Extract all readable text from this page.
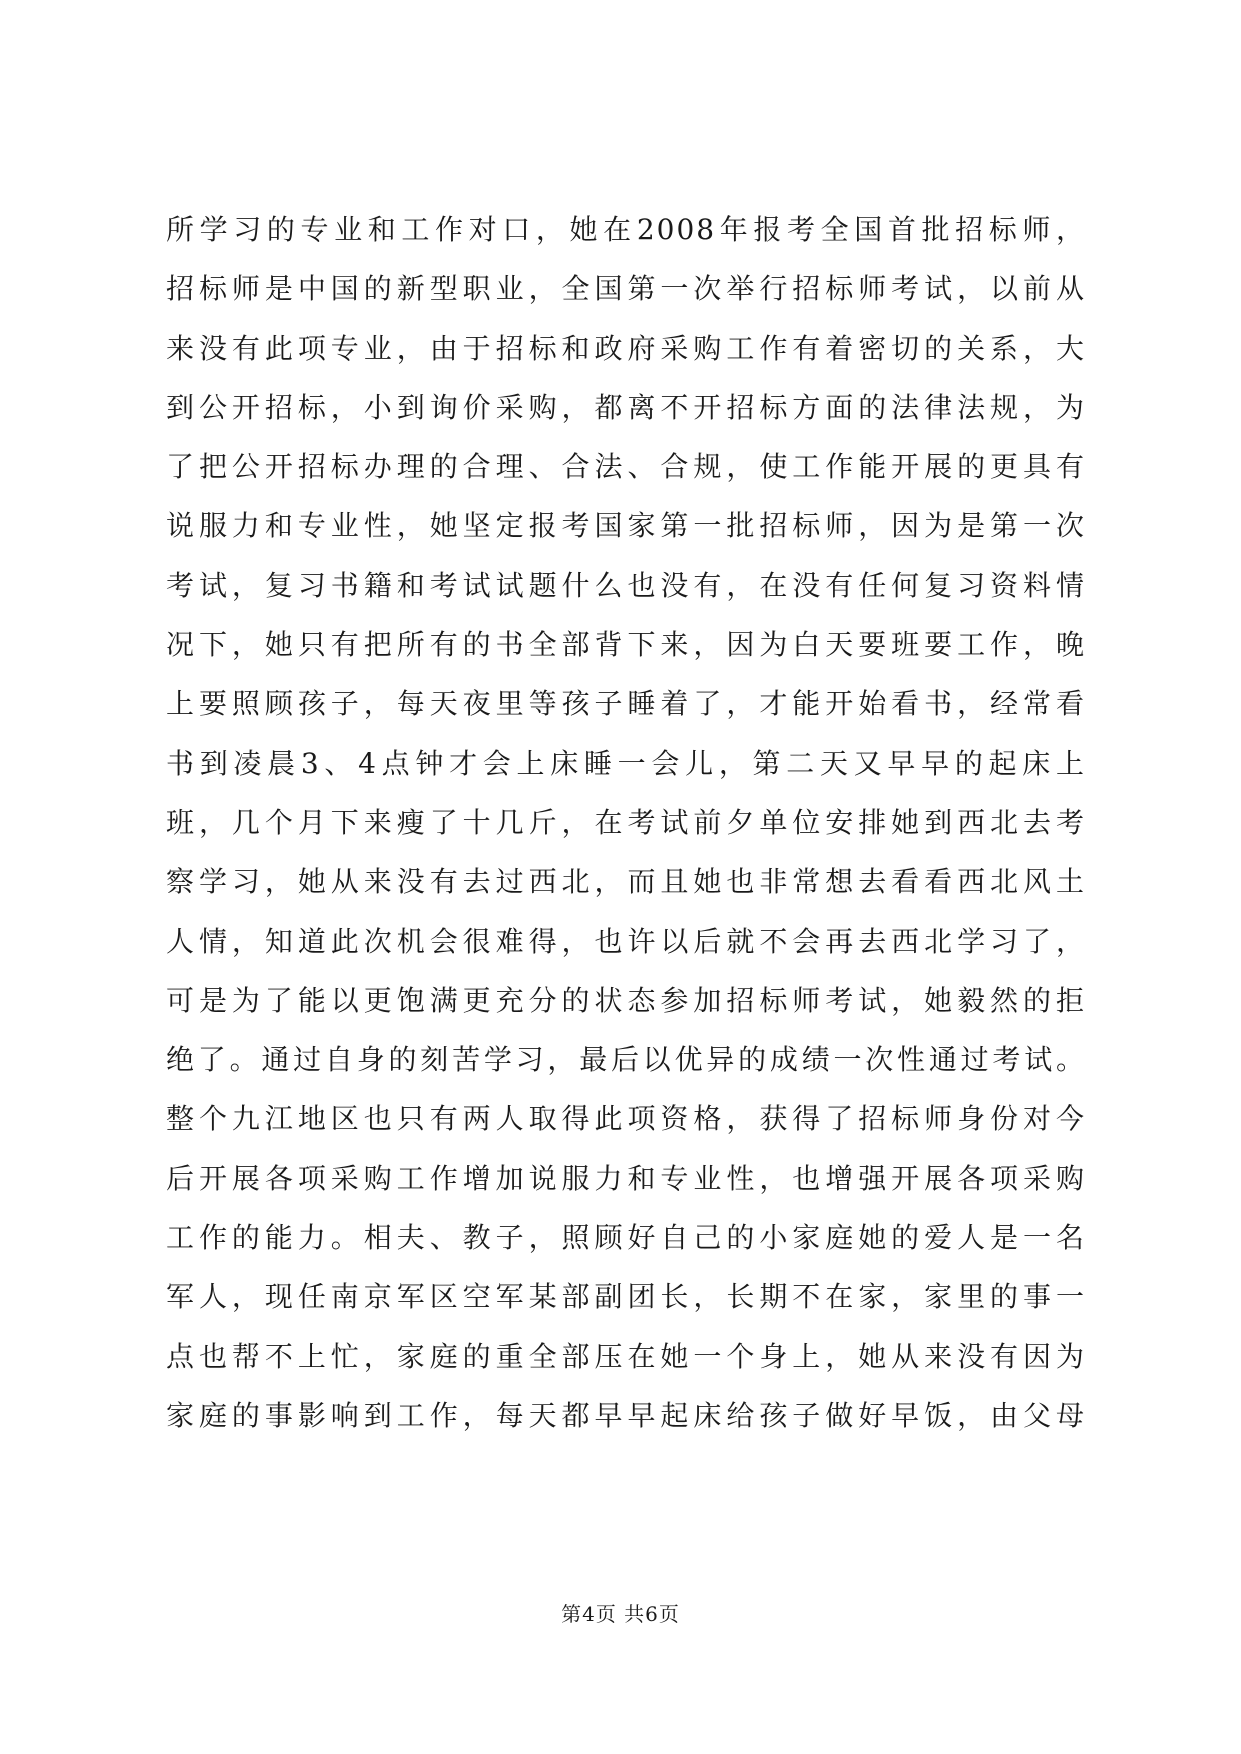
所学习的专业和工作对口，她在2008年报考全国首批招标师，
招标师是中国的新型职业，全国第一次举行招标师考试，以前从
来没有此项专业，由于招标和政府采购工作有着密切的关系，大
到公开招标，小到询价采购，都离不开招标方面的法律法规，为
了把公开招标办理的合理、合法、合规，使工作能开展的更具有
说服力和专业性，她坚定报考国家第一批招标师，因为是第一次
考试，复习书籍和考试试题什么也没有，在没有任何复习资料情
况下，她只有把所有的书全部背下来，因为白天要班要工作，晚
上要照顾孩子，每天夜里等孩子睡着了，才能开始看书，经常看
书到凌晨3、4点钟才会上床睡一会儿，第二天又早早的起床上
班，几个月下来瘦了十几斤，在考试前夕单位安排她到西北去考
察学习，她从来没有去过西北，而且她也非常想去看看西北风土
人情，知道此次机会很难得，也许以后就不会再去西北学习了，
可是为了能以更饱满更充分的状态参加招标师考试，她毅然的拒
绝了。通过自身的刻苦学习，最后以优异的成绩一次性通过考试。
整个九江地区也只有两人取得此项资格，获得了招标师身份对今
后开展各项采购工作增加说服力和专业性，也增强开展各项采购
工作的能力。相夫、教子，照顾好自己的小家庭她的爱人是一名
军人，现任南京军区空军某部副团长，长期不在家，家里的事一
点也帮不上忙，家庭的重全部压在她一个身上，她从来没有因为
家庭的事影响到工作，每天都早早起床给孩子做好早饭，由父母
第4页 共6页
